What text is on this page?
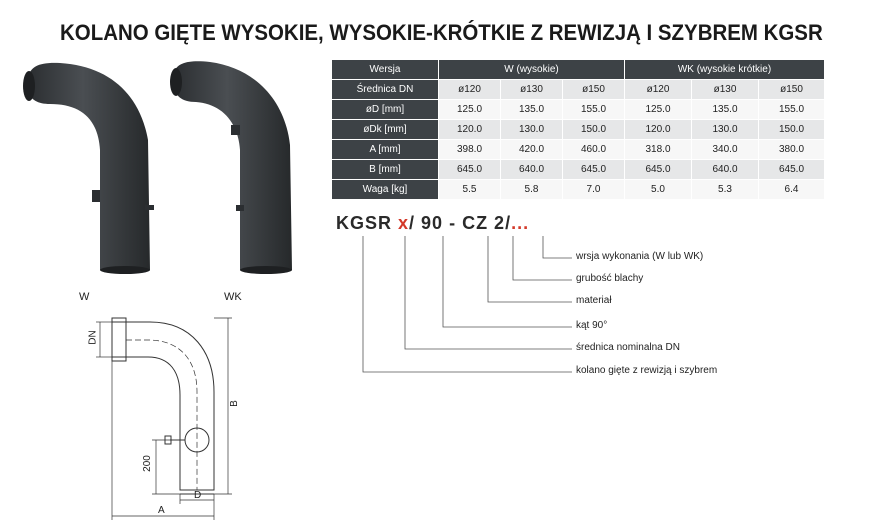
KOLANO GIĘTE WYSOKIE, WYSOKIE-KRÓTKIE Z REWIZJĄ I SZYBREM KGSR
W	WK
Wersja	W (wysokie)			WK (wysokie krótkie)		
Średnica DN	ø120	ø130	ø150	ø120	ø130	ø150
øD [mm]	125.0	135.0	155.0	125.0	135.0	155.0
øDk [mm]	120.0	130.0	150.0	120.0	130.0	150.0
A [mm]	398.0	420.0	460.0	318.0	340.0	380.0
B [mm]	645.0	640.0	645.0	645.0	640.0	645.0
Waga [kg]	5.5	5.8	7.0	5.0	5.3	6.4
KGSR x/ 90 - CZ 2/...
wrsja wykonania (W lub WK)
grubość blachy
materiał
kąt 90°
średnica nominalna DN
kolano gięte z rewizją i szybrem
DN
B
200
D
A
